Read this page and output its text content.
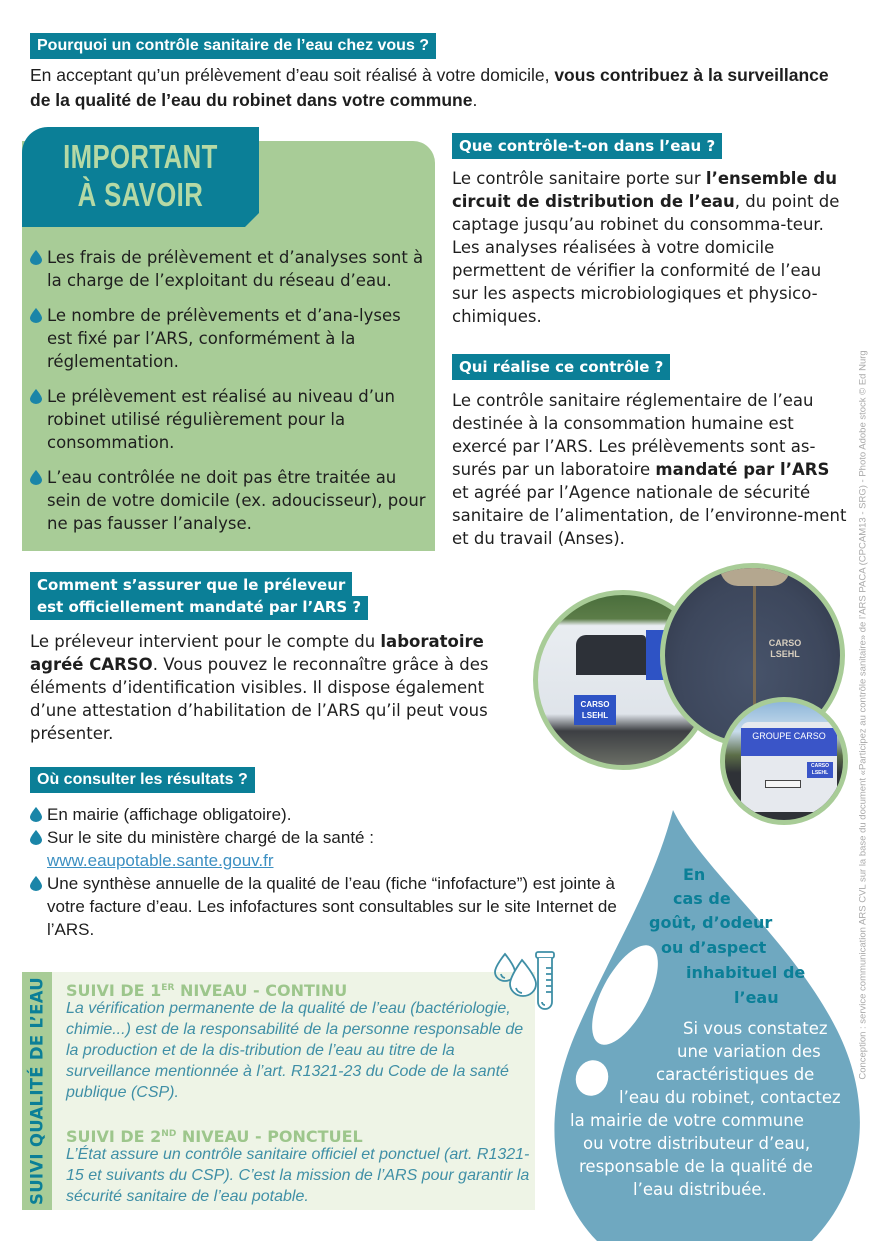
Pourquoi un contrôle sanitaire de l’eau chez vous ?
En acceptant qu’un prélèvement d’eau soit réalisé à votre domicile, vous contribuez à la surveillance de la qualité de l’eau du robinet dans votre commune.
IMPORTANT
À SAVOIR
Les frais de prélèvement et d’analyses sont à la charge de l’exploitant du réseau d’eau.
Le nombre de prélèvements et d’ana-lyses est fixé par l’ARS, conformément à la réglementation.
Le prélèvement est réalisé au niveau d’un robinet utilisé régulièrement pour la consommation.
L’eau contrôlée ne doit pas être traitée au sein de votre domicile (ex. adoucisseur), pour ne pas fausser l’analyse.
Que contrôle-t-on dans l’eau ?
Le contrôle sanitaire porte sur l’ensemble du circuit de distribution de l’eau, du point de captage jusqu’au robinet du consomma-teur. Les analyses réalisées à votre domicile permettent de vérifier la conformité de l’eau sur les aspects microbiologiques et physico-chimiques.
Qui réalise ce contrôle ?
Le contrôle sanitaire réglementaire de l’eau destinée à la consommation humaine est exercé par l’ARS. Les prélèvements sont as-surés par un laboratoire mandaté par l’ARS et agréé par l’Agence nationale de sécurité sanitaire de l’alimentation, de l’environne-ment et du travail (Anses).
Comment s’assurer que le préleveur
est officiellement mandaté par l’ARS ?
Le préleveur intervient pour le compte du laboratoire agréé CARSO. Vous pouvez le reconnaître grâce à des éléments d’identification visibles. Il dispose également d’une attestation d’habilitation de l’ARS qu’il peut vous présenter.
CARSO
LSEHL
CARSO
LSEHL
GROUPE CARSO
CARSO
LSEHL
Où consulter les résultats ?
En mairie (affichage obligatoire).
Sur le site du ministère chargé de la santé :
www.eaupotable.sante.gouv.fr
Une synthèse annuelle de la qualité de l’eau (fiche “infofacture”) est jointe à votre facture d’eau. Les infofactures sont consultables sur le site Internet de l’ARS.
SUIVI QUALITÉ DE L’EAU SUIVI DE 1ER NIVEAU - CONTINU
La vérification permanente de la qualité de l’eau (bactériologie, chimie...) est de la responsabilité de la personne responsable de la production et de la dis-tribution de l’eau au titre de la surveillance mentionnée à l’art. R1321-23 du Code de la santé publique (CSP).
SUIVI DE 2ND NIVEAU - PONCTUEL
L’État assure un contrôle sanitaire officiel et ponctuel (art. R1321-15 et suivants du CSP). C’est la mission de l’ARS pour garantir la sécurité sanitaire de l’eau potable.
En
cas de
goût, d’odeur
ou d’aspect
inhabituel de
l’eau
Si vous constatez
une variation des
caractéristiques de
l’eau du robinet, contactez
la mairie de votre commune
ou votre distributeur d’eau,
responsable de la qualité de
l’eau distribuée.
Conception : service communication ARS CVL sur la base du document «Participez au contrôle sanitaire» de l’ARS PACA (CPCAM13 - SRG) - Photo Adobe stock © Ed Nurg
